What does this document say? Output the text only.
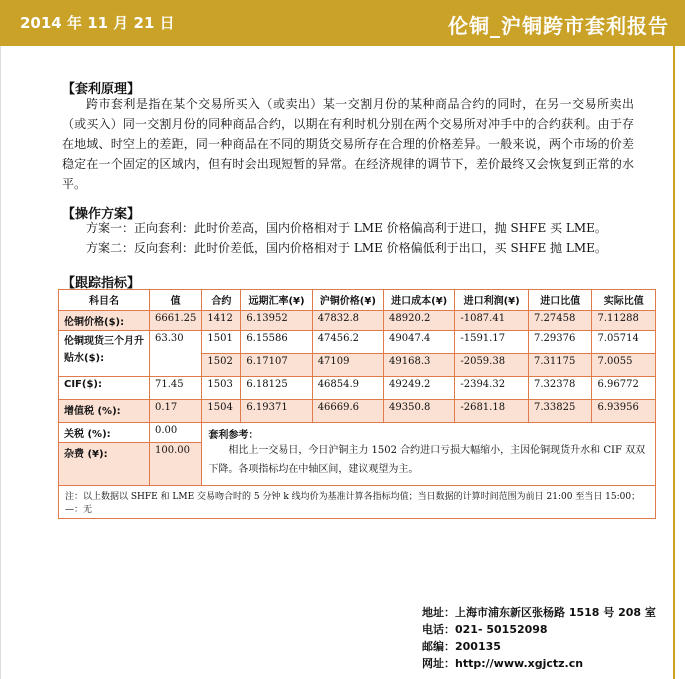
2014 年 11 月 21 日	伦铜_沪铜跨市套利报告
【套利原理】

跨市套利是指在某个交易所买入（或卖出）某一交割月份的某种商品合约的同时，在另一交易所卖出（或买入）同一交割月份的同种商品合约，以期在有利时机分别在两个交易所对冲手中的合约获利。由于存在地域、时空上的差距，同一种商品在不同的期货交易所存在合理的价格差异。一般来说，两个市场的价差稳定在一个固定的区域内，但有时会出现短暂的异常。在经济规律的调节下，差价最终又会恢复到正常的水平。

【操作方案】
方案一：正向套利：此时价差高，国内价格相对于 LME 价格偏高利于进口，抛 SHFE 买 LME。
方案二：反向套利：此时价差低，国内价格相对于 LME 价格偏低利于出口，买 SHFE 抛 LME。
【跟踪指标】
科目名	值	合约	远期汇率(¥)	沪铜价格(¥)	进口成本(¥)	进口利润(¥)	进口比值	实际比值
伦铜价格($):	6661.25	1412	6.13952	47832.8	48920.2	-1087.41	7.27458	7.11288
伦铜现货三个月升贴水($):	63.30	1501	6.15586	47456.2	49047.4	-1591.17	7.29376	7.05714
		1502	6.17107	47109	49168.3	-2059.38	7.31175	7.0055
CIF($):	71.45	1503	6.18125	46854.9	49249.2	-2394.32	7.32378	6.96772
增值税 (%):	0.17	1504	6.19371	46669.6	49350.8	-2681.18	7.33825	6.93956
关税 (%):	0.00	套利参考：
相比上一交易日，今日沪铜主力 1502 合约进口亏损大幅缩小，主因伦铜现货升水和 CIF 双双下降。各项指标均在中轴区间，建议观望为主。						

杂费 (¥):	100.00							
注：以上数据以 SHFE 和 LME 交易吻合时的 5 分钟 k 线均价为基准计算各指标均值；当日数据的计算时间范围为前日 21:00 至当日 15:00；—：无								
地址：上海市浦东新区张杨路 1518 号 208 室
电话：021- 50152098
邮编：200135
网址：http://www.xgjctz.cn
